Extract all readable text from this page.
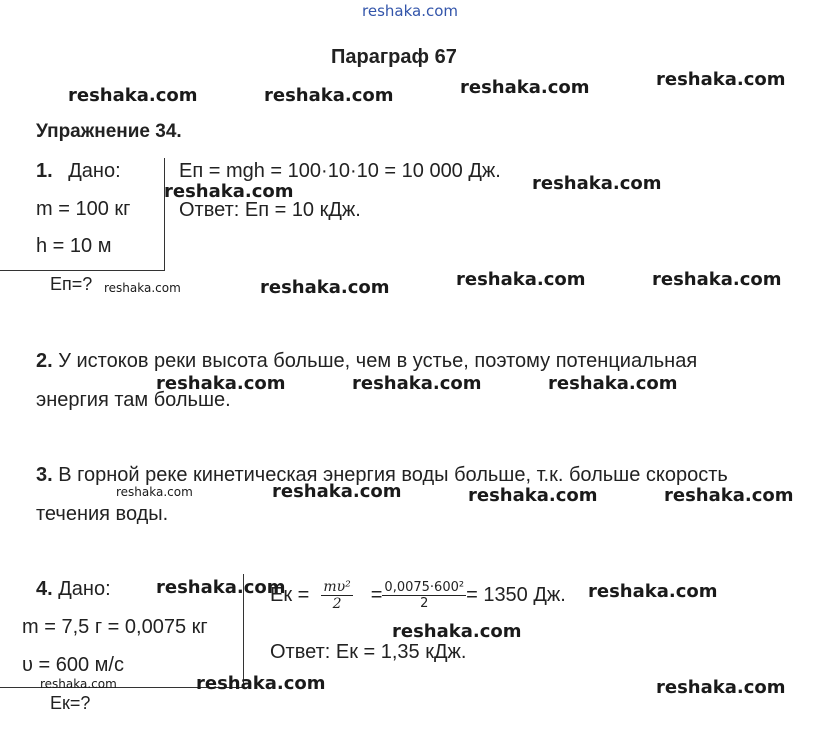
reshaka.com
Параграф 67
Упражнение 34.
1. Дано:
m = 100 кг
h = 10 м
Eп=?
Eп = mgh = 100·10·10 = 10 000 Дж.
Ответ: Eп = 10 кДж.
2. У истоков реки высота больше, чем в устье, поэтому потенциальная
энергия там больше.
3. В горной реке кинетическая энергия воды больше, т.к. больше скорость
течения воды.
4. Дано:
m = 7,5 г = 0,0075 кг
υ = 600 м/с
Eк=?
Eк = $\frac{\text{mυ²}}{2} = \frac{\text{0,0075·600²}}{2} = 1350$ Дж.
Ответ: Eк = 1,35 кДж.
reshaka.com	reshaka.com	reshaka.com	reshaka.com
reshaka.com	reshaka.com
reshaka.com	reshaka.com	reshaka.com	reshaka.com
reshaka.com	reshaka.com	reshaka.com
reshaka.com	reshaka.com	reshaka.com	reshaka.com
reshaka.com	reshaka.com
reshaka.com
reshaka.com	reshaka.com	reshaka.com
